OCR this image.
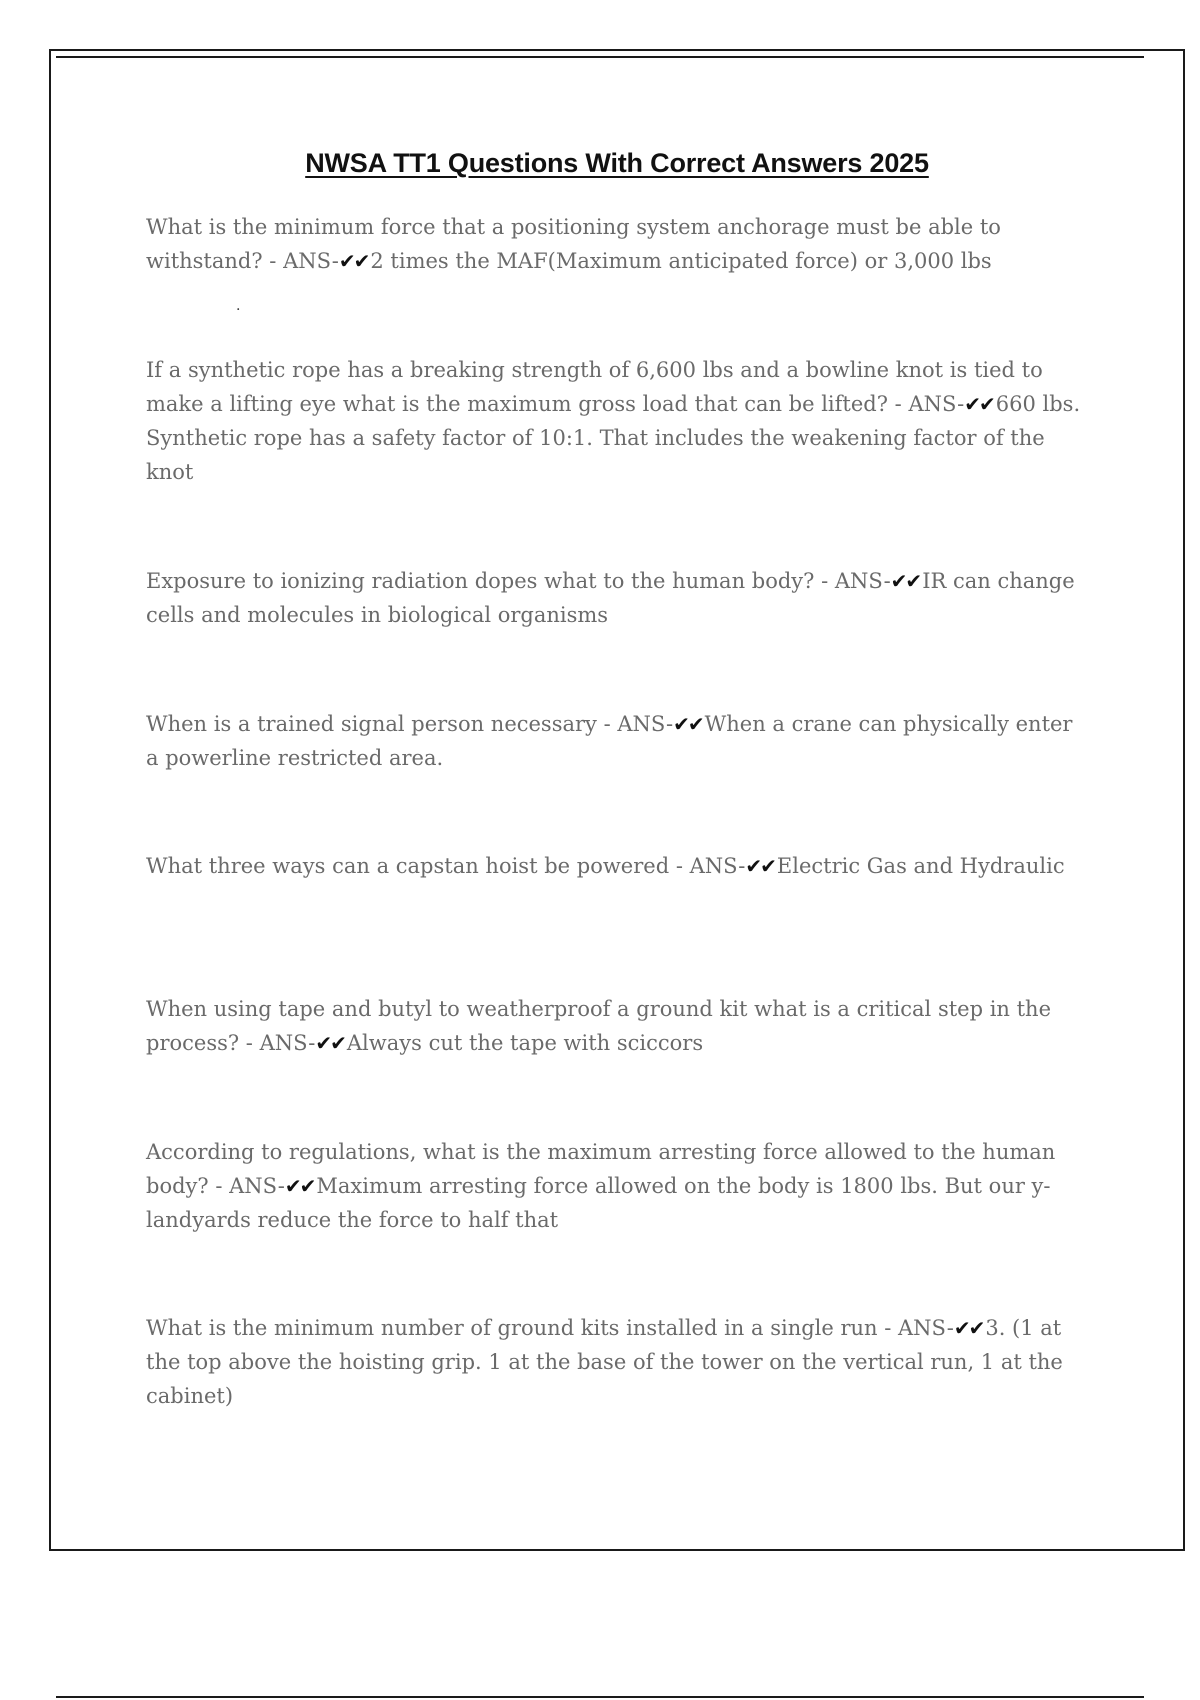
NWSA TT1 Questions With Correct Answers 2025
.

What is the minimum force that a positioning system anchorage must be able to withstand? - ANS-✔✔2 times the MAF(Maximum anticipated force) or 3,000 lbs

If a synthetic rope has a breaking strength of 6,600 lbs and a bowline knot is tied to make a lifting eye what is the maximum gross load that can be lifted? - ANS-✔✔660 lbs. Synthetic rope has a safety factor of 10:1. That includes the weakening factor of the knot

Exposure to ionizing radiation dopes what to the human body? - ANS-✔✔IR can change cells and molecules in biological organisms

When is a trained signal person necessary - ANS-✔✔When a crane can physically enter a powerline restricted area.

What three ways can a capstan hoist be powered - ANS-✔✔Electric Gas and Hydraulic

When using tape and butyl to weatherproof a ground kit what is a critical step in the process? - ANS-✔✔Always cut the tape with sciccors

According to regulations, what is the maximum arresting force allowed to the human body? - ANS-✔✔Maximum arresting force allowed on the body is 1800 lbs. But our y-landyards reduce the force to half that

What is the minimum number of ground kits installed in a single run - ANS-✔✔3. (1 at the top above the hoisting grip. 1 at the base of the tower on the vertical run, 1 at the cabinet)
